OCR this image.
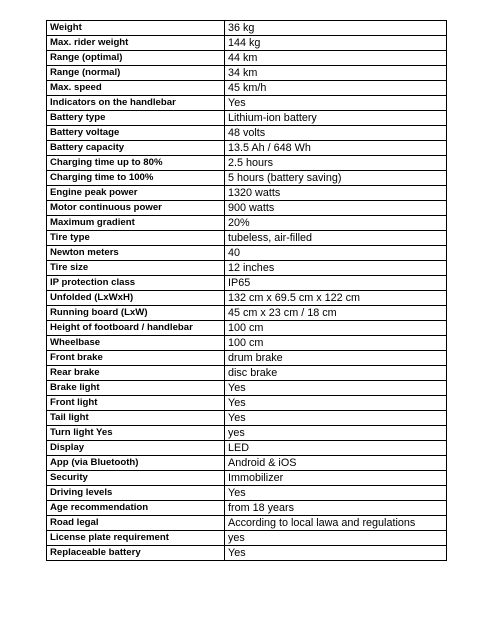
Weight	36 kg
Max. rider weight	144 kg
Range (optimal)	44 km
Range (normal)	34 km
Max. speed	45 km/h
Indicators on the handlebar	Yes
Battery type	Lithium-ion battery
Battery voltage	48 volts
Battery capacity	13.5 Ah / 648 Wh
Charging time up to 80%	2.5 hours
Charging time to 100%	5 hours (battery saving)
Engine peak power	1320 watts
Motor continuous power	900 watts
Maximum gradient	20%
Tire type	tubeless, air-filled
Newton meters	40
Tire size	12 inches
IP protection class	IP65
Unfolded (LxWxH)	132 cm x 69.5 cm x 122 cm
Running board (LxW)	45 cm x 23 cm / 18 cm
Height of footboard / handlebar	100 cm
Wheelbase	100 cm
Front brake	drum brake
Rear brake	disc brake
Brake light	Yes
Front light	Yes
Tail light	Yes
Turn light Yes	yes
Display	LED
App (via Bluetooth)	Android & iOS
Security	Immobilizer
Driving levels	Yes
Age recommendation	from 18 years
Road legal	According to local lawa and regulations
License plate requirement	yes
Replaceable battery	Yes
